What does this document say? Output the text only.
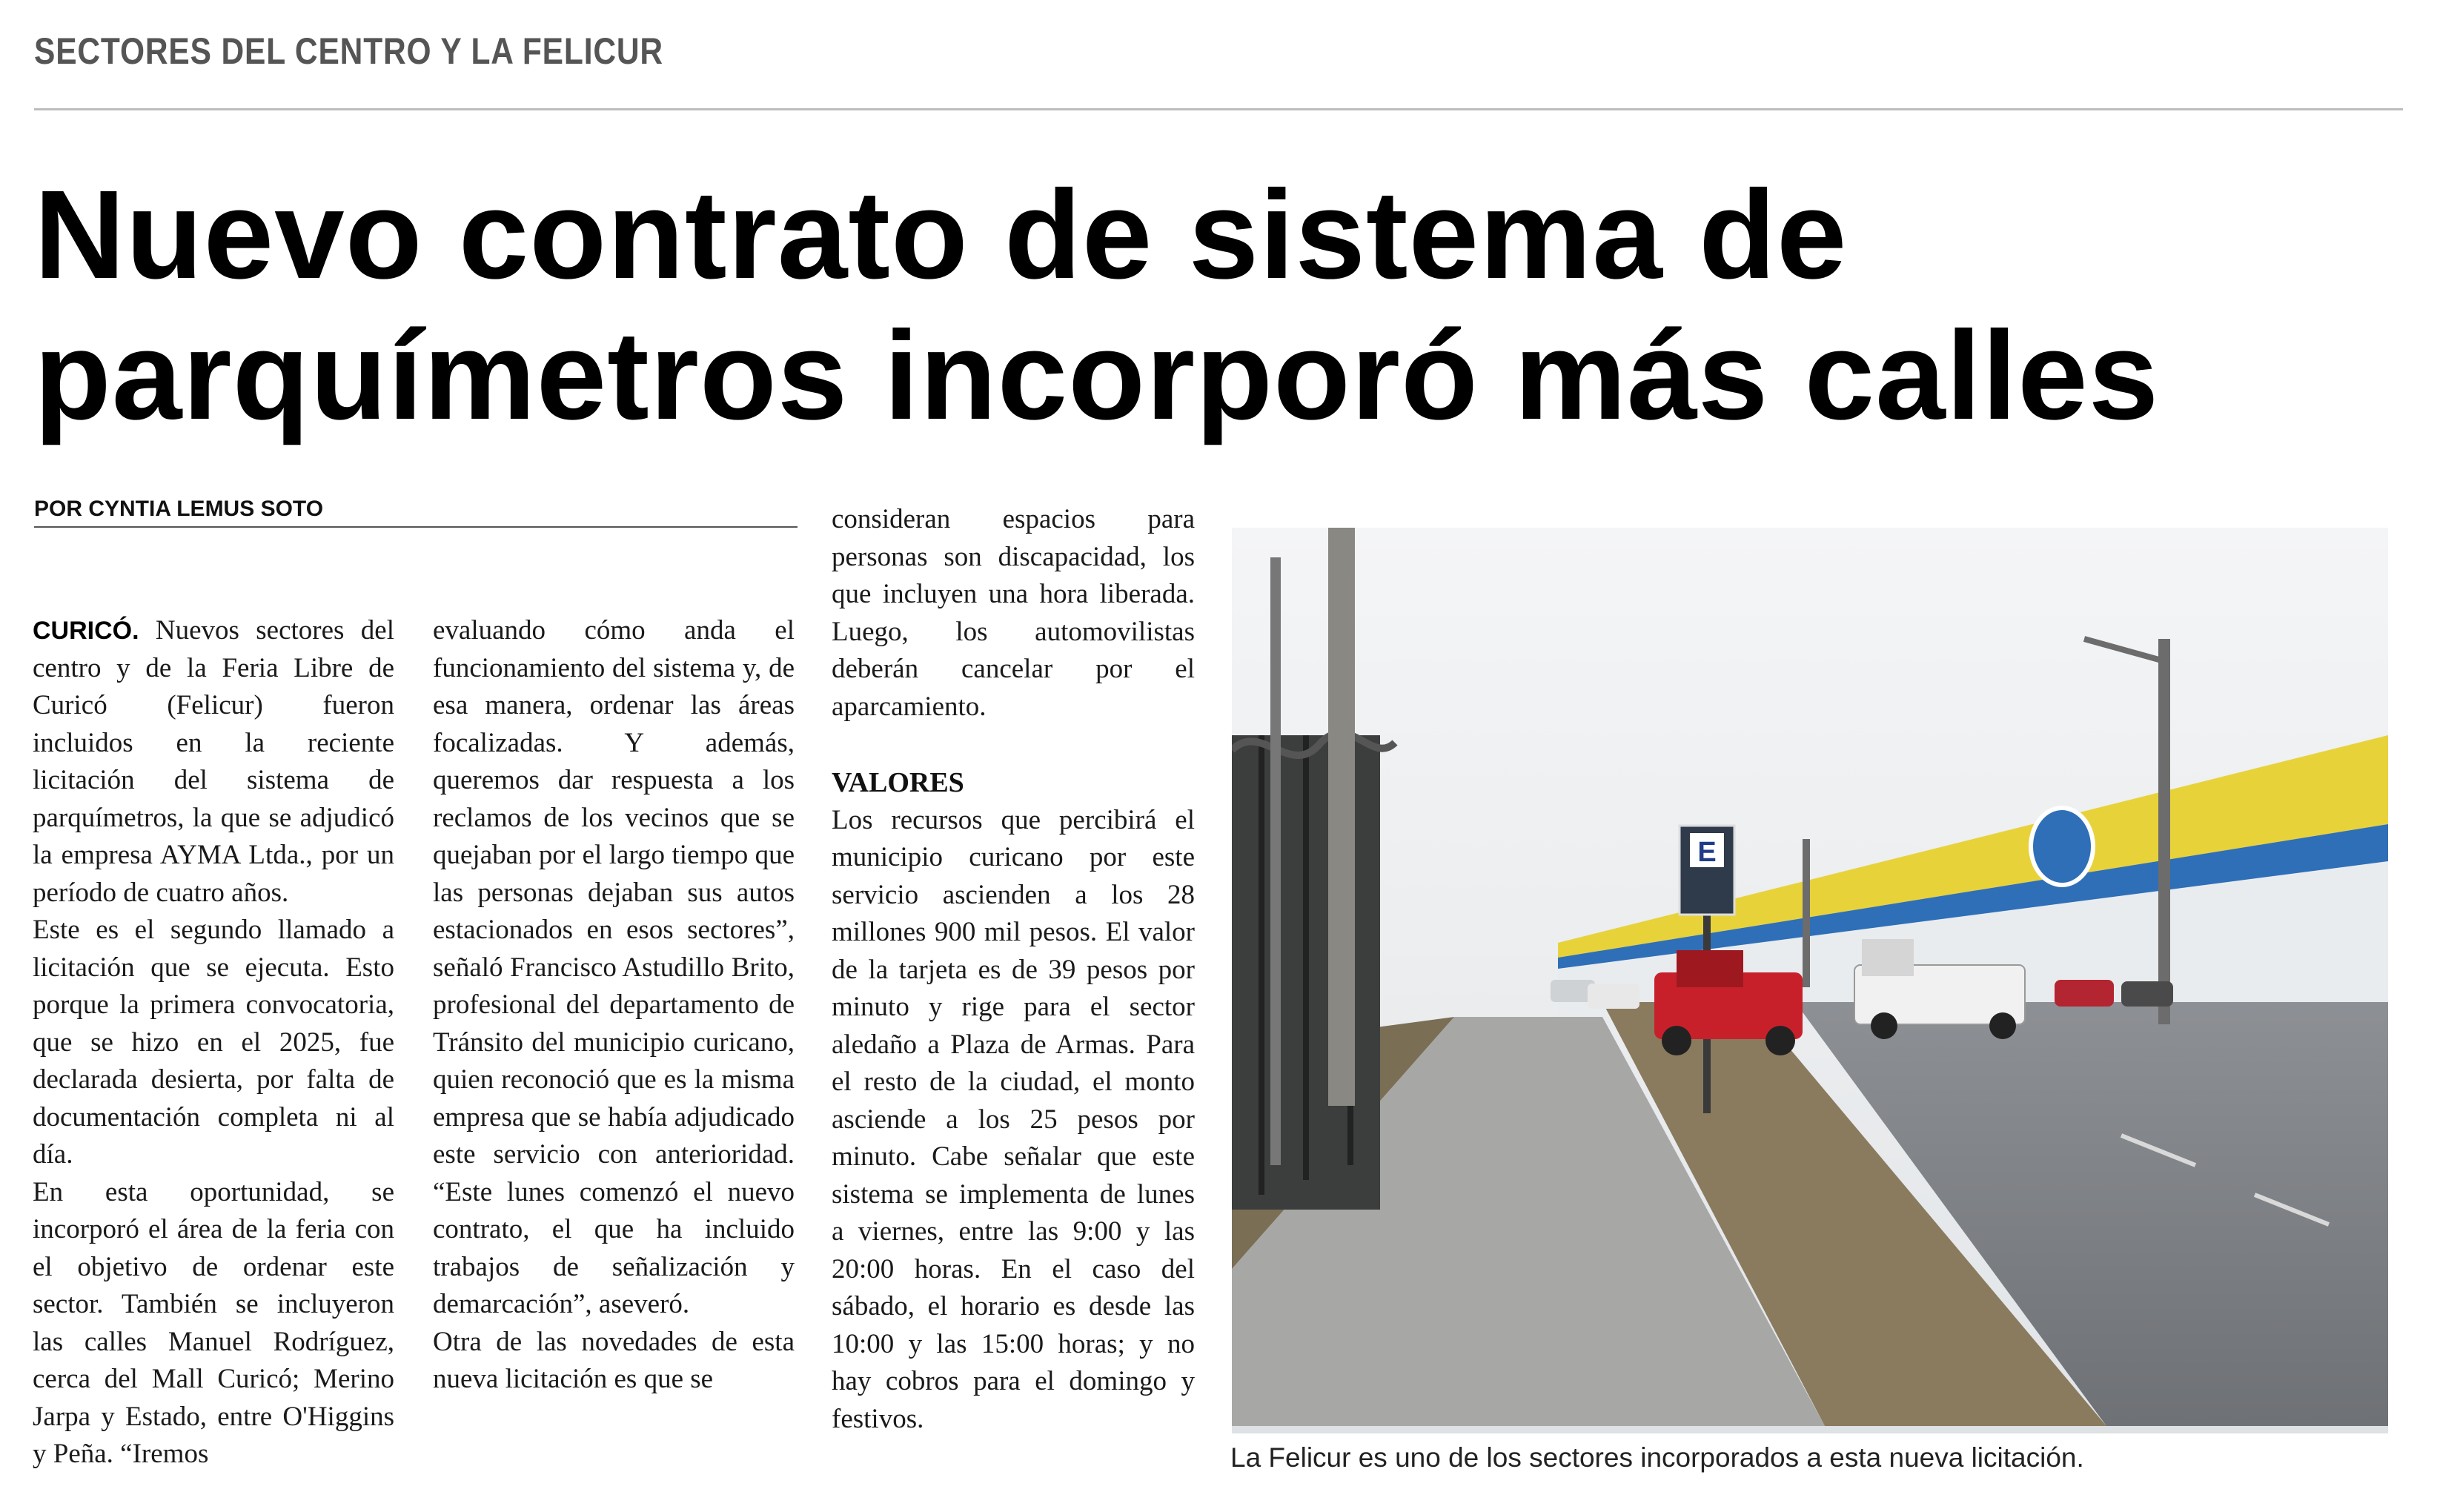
SECTORES DEL CENTRO Y LA FELICUR
Nuevo contrato de sistema de
parquímetros incorporó más calles
POR CYNTIA LEMUS SOTO

CURICÓ. Nuevos sectores del centro y de la Feria Libre de Curicó (Felicur) fueron incluidos en la reciente licitación del sistema de parquímetros, la que se adjudicó la empresa AYMA Ltda., por un período de cuatro años.

Este es el segundo llamado a licitación que se ejecuta. Esto porque la primera convocatoria, que se hizo en el 2025, fue declarada desierta, por falta de documentación completa ni al día.

En esta oportunidad, se incorporó el área de la feria con el objetivo de ordenar este sector. También se incluyeron las calles Manuel Rodríguez, cerca del Mall Curicó; Merino Jarpa y Estado, entre O'Higgins y Peña. “Iremos

evaluando cómo anda el funcionamiento del sistema y, de esa manera, ordenar las áreas focalizadas. Y además, queremos dar respuesta a los reclamos de los vecinos que se quejaban por el largo tiempo que las personas dejaban sus autos estacionados en esos sectores”, señaló Francisco Astudillo Brito, profesional del departamento de Tránsito del municipio curicano, quien reconoció que es la misma empresa que se había adjudicado este servicio con anterioridad. “Este lunes comenzó el nuevo contrato, el que ha incluido trabajos de señalización y demarcación”, aseveró.

Otra de las novedades de esta nueva licitación es que se

consideran espacios para personas son discapacidad, los que incluyen una hora liberada. Luego, los automovilistas deberán cancelar por el aparcamiento.

VALORES

Los recursos que percibirá el municipio curicano por este servicio ascienden a los 28 millones 900 mil pesos. El valor de la tarjeta es de 39 pesos por minuto y rige para el sector aledaño a Plaza de Armas. Para el resto de la ciudad, el monto asciende a los 25 pesos por minuto. Cabe señalar que este sistema se implementa de lunes a viernes, entre las 9:00 y las 20:00 horas. En el caso del sábado, el horario es desde las 10:00 y las 15:00 horas; y no hay cobros para el domingo y festivos.

E
La Felicur es uno de los sectores incorporados a esta nueva licitación.
